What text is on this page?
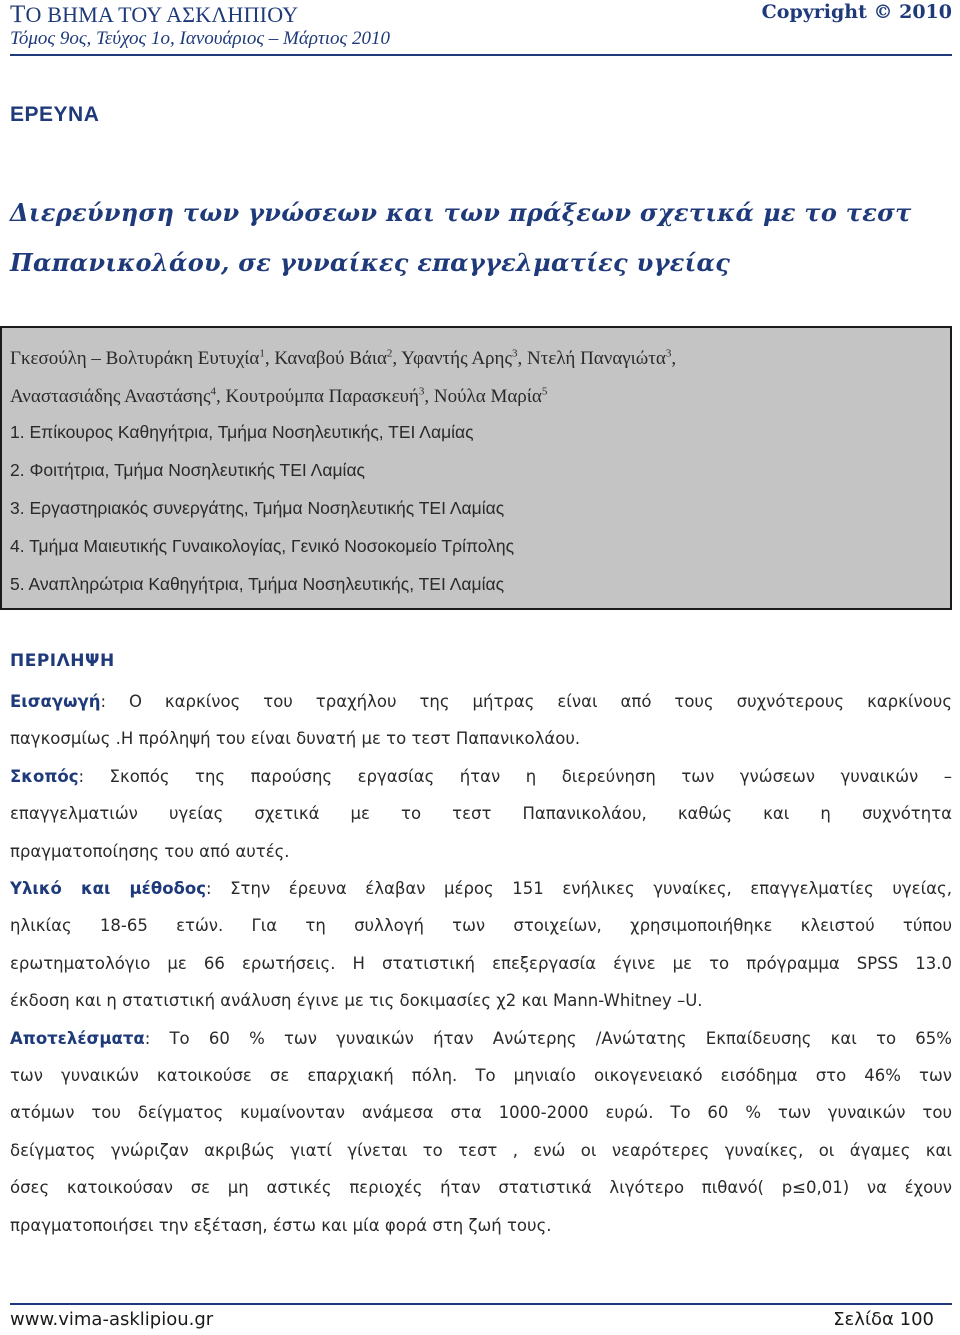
ΤΟ ΒΗΜΑ ΤΟΥ ΑΣΚΛΗΠΙΟΥ	Copyright © 2010
Τόμος 9ος, Τεύχος 1ο, Ιανουάριος – Μάρτιος 2010
ΕΡΕΥΝΑ
Διερεύνηση των γνώσεων και των πράξεων σχετικά με το τεστ
Παπανικολάου, σε γυναίκες επαγγελματίες υγείας
Γκεσούλη – Βολτυράκη Ευτυχία$^1$, Καναβού Βάια$^2$, Υφαντής Αρης$^3$, Ντελή Παναγιώτα$^3$,
Αναστασιάδης Αναστάσης$^4$, Κουτρούμπα Παρασκευή$^3$, Νούλα Μαρία$^5$
1. Επίκουρος Καθηγήτρια, Τμήμα Νοσηλευτικής, ΤΕΙ Λαμίας
2. Φοιτήτρια, Τμήμα Νοσηλευτικής ΤΕΙ Λαμίας
3. Εργαστηριακός συνεργάτης, Τμήμα Νοσηλευτικής ΤΕΙ Λαμίας
4. Τμήμα Μαιευτικής Γυναικολογίας, Γενικό Νοσοκομείο Τρίπολης
5. Αναπληρώτρια Καθηγήτρια, Τμήμα Νοσηλευτικής, ΤΕΙ Λαμίας
ΠΕΡΙΛΗΨΗ

Εισαγωγή: Ο καρκίνος του τραχήλου της μήτρας είναι από τους συχνότερους καρκίνους
παγκοσμίως .Η πρόληψή του είναι δυνατή με το τεστ Παπανικολάου.

Σκοπός: Σκοπός της παρούσης εργασίας ήταν η διερεύνηση των γνώσεων γυναικών –
επαγγελματιών υγείας σχετικά με το τεστ Παπανικολάου, καθώς και η συχνότητα
πραγματοποίησης του από αυτές.

Υλικό και μέθοδος: Στην έρευνα έλαβαν μέρος 151 ενήλικες γυναίκες, επαγγελματίες υγείας,
ηλικίας 18-65 ετών. Για τη συλλογή των στοιχείων, χρησιμοποιήθηκε κλειστού τύπου
ερωτηματολόγιο με 66 ερωτήσεις. Η στατιστική επεξεργασία έγινε με το πρόγραμμα SPSS 13.0
έκδοση και η στατιστική ανάλυση έγινε με τις δοκιμασίες χ2 και Mann-Whitney –U.

Αποτελέσματα: Το 60 % των γυναικών ήταν Ανώτερης /Ανώτατης Εκπαίδευσης και το 65%
των γυναικών κατοικούσε σε επαρχιακή πόλη. Το μηνιαίο οικογενειακό εισόδημα στο 46% των
ατόμων του δείγματος κυμαίνονταν ανάμεσα στα 1000-2000 ευρώ. Το 60 % των γυναικών του
δείγματος γνώριζαν ακριβώς γιατί γίνεται το τεστ , ενώ οι νεαρότερες γυναίκες, οι άγαμες και
όσες κατοικούσαν σε μη αστικές περιοχές ήταν στατιστικά λιγότερο πιθανό( p≤0,01) να έχουν
πραγματοποιήσει την εξέταση, έστω και μία φορά στη ζωή τους.

www.vima-asklipiou.gr	Σελίδα 100
